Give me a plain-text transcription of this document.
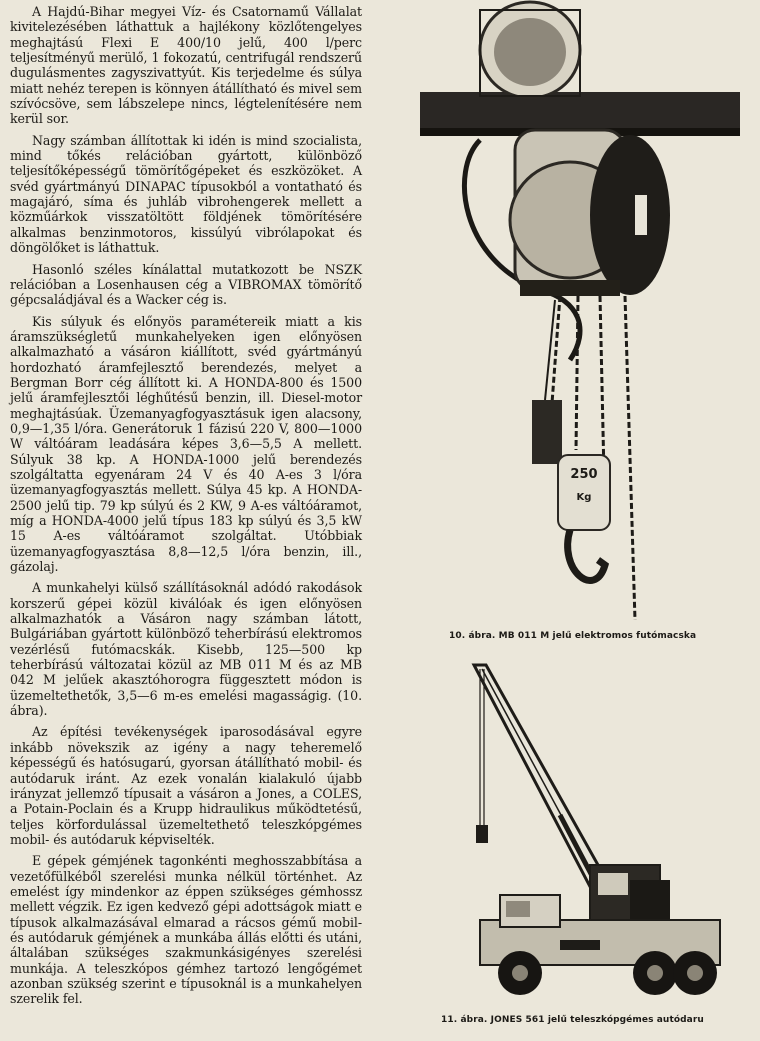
A Hajdú-Bihar megyei Víz- és Csatornamű Vállalat kivitelezésében láthattuk a hajlékony közlőtengelyes meghajtású Flexi E 400/10 jelű, 400 l/perc teljesítményű merülő, 1 fokozatú, centrifugál rendszerű dugulásmentes zagyszivattyút. Kis terjedelme és súlya miatt nehéz terepen is könnyen átállítható és mivel sem szívócsöve, sem lábszelepe nincs, légtelenítésére nem kerül sor.

Nagy számban állítottak ki idén is mind szocialista, mind tőkés relációban gyártott, különböző teljesítőképességű tömörítőgépeket és eszközöket. A svéd gyártmányú DINAPAC típusokból a vontatható és magajáró, síma és juhláb vibrohengerek mellett a közműárkok visszatöltött földjének tömörítésére alkalmas benzinmotoros, kissúlyú vibrólapokat és döngölőket is láthattuk.

Hasonló széles kínálattal mutatkozott be NSZK relációban a Losenhausen cég a VIBROMAX tömörítő gépcsaládjával és a Wacker cég is.

Kis súlyuk és előnyös paramétereik miatt a kis áramszükségletű munkahelyeken igen előnyösen alkalmazható a vásáron kiállított, svéd gyártmányú hordozható áramfejlesztő berendezés, melyet a Bergman Borr cég állított ki. A HONDA-800 és 1500 jelű áramfejlesztői léghűtésű benzin, ill. Diesel-motor meghajtásúak. Üzemanyagfogyasztásuk igen alacsony, 0,9—1,35 l/óra. Generátoruk 1 fázisú 220 V, 800—1000 W váltóáram leadására képes 3,6—5,5 A mellett. Súlyuk 38 kp. A HONDA-1000 jelű berendezés szolgáltatta egyenáram 24 V és 40 A-es 3 l/óra üzemanyagfogyasztás mellett. Súlya 45 kp. A HONDA-2500 jelű tip. 79 kp súlyú és 2 KW, 9 A-es váltóáramot, míg a HONDA-4000 jelű típus 183 kp súlyú és 3,5 kW 15 A-es váltóáramot szolgáltat. Utóbbiak üzemanyagfogyasztása 8,8—12,5 l/óra benzin, ill., gázolaj.

A munkahelyi külső szállításoknál adódó rakodások korszerű gépei közül kiválóak és igen előnyösen alkalmazhatók a Vásáron nagy számban látott, Bulgáriában gyártott különböző teherbírású elektromos vezérlésű futómacskák. Kisebb, 125—500 kp teherbírású változatai közül az MB 011 M és az MB 042 M jelűek akasztóhorogra függesztett módon is üzemeltethetők, 3,5—6 m-es emelési magasságig. (10. ábra).

Az építési tevékenységek iparosodásával egyre inkább növekszik az igény a nagy teheremelő képességű és hatósugarú, gyorsan átállítható mobil- és autódaruk iránt. Az ezek vonalán kialakuló újabb irányzat jellemző típusait a vásáron a Jones, a COLES, a Potain-Poclain és a Krupp hidraulikus működtetésű, teljes körfordulással üzemeltethető teleszkópgémes mobil- és autódaruk képviselték.

E gépek gémjének tagonkénti meghosszabbítása a vezetőfülkéből szerelési munka nélkül történhet. Az emelést így mindenkor az éppen szükséges gémhossz mellett végzik. Ez igen kedvező gépi adottságok miatt e típusok alkalmazásával elmarad a rácsos gémű mobil- és autódaruk gémjének a munkába állás előtti és utáni, általában szükséges szakmunkásigényes szerelési munkája. A teleszkópos gémhez tartozó lengőgémet azonban szükség szerint e típusoknál is a munkahelyen szerelik fel.

250
Kg
10. ábra. MB 011 M jelű elektromos futómacska
11. ábra. JONES 561 jelű teleszkópgémes autódaru
